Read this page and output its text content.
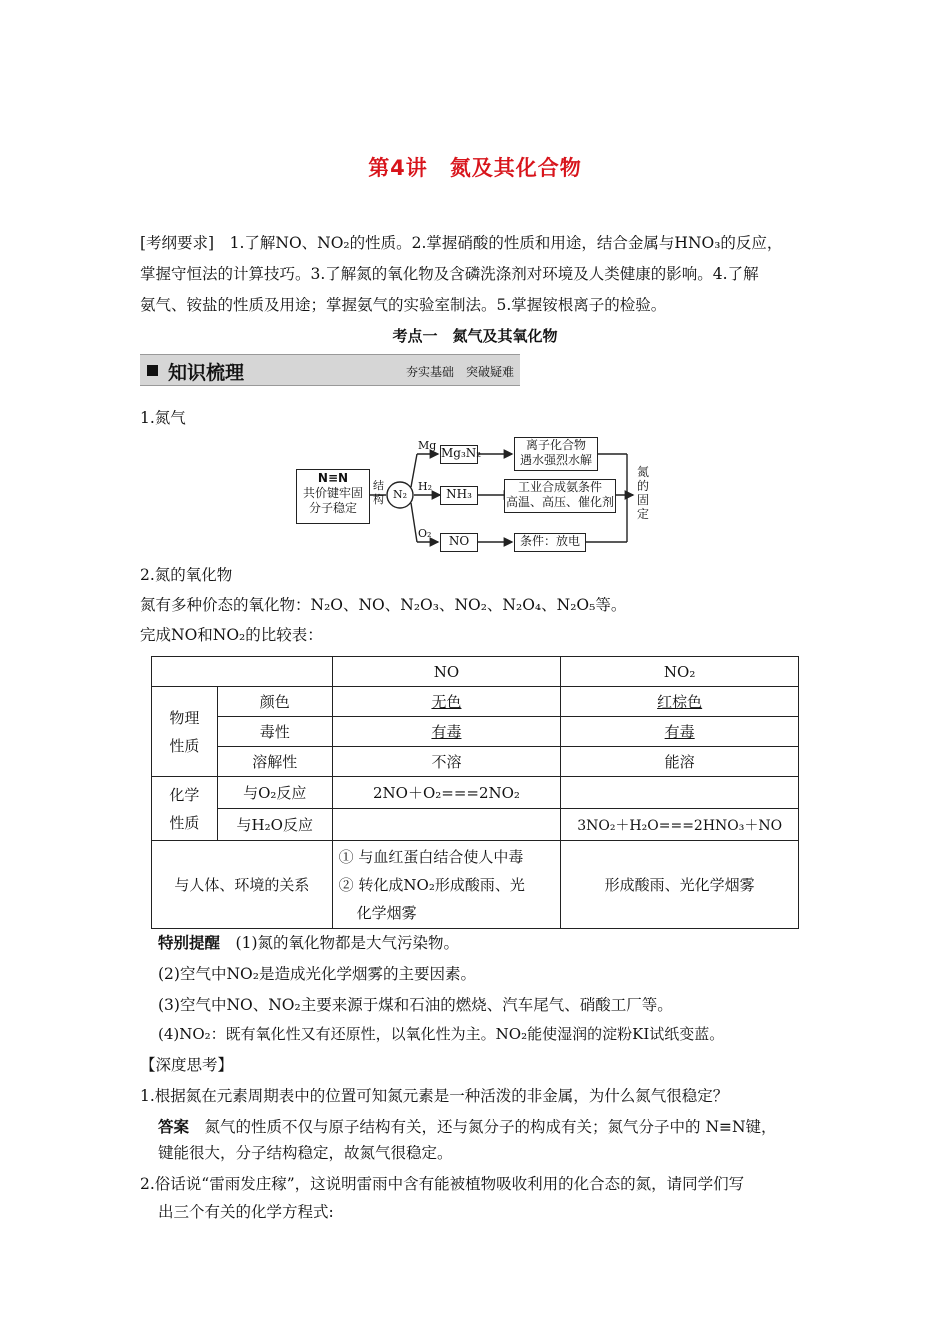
第4讲　氮及其化合物
[考纲要求]　1.了解NO、NO₂的性质。2.掌握硝酸的性质和用途，结合金属与HNO₃的反应，
掌握守恒法的计算技巧。3.了解氮的氧化物及含磷洗涤剂对环境及人类健康的影响。4.了解
氨气、铵盐的性质及用途；掌握氨气的实验室制法。5.掌握铵根离子的检验。
考点一　氮气及其氧化物
知识梳理	夯实基础　突破疑难
1.氮气
N≡N
共价键牢固
分子稳定
结
构 N₂
Mg
H₂
O₂
Mg₃N₂
NH₃
NO
离子化合物
遇水强烈水解
工业合成氨条件
高温、高压、催化剂
条件：放电
氮
的
固
定
2.氮的氧化物
氮有多种价态的氧化物：N₂O、NO、N₂O₃、NO₂、N₂O₄、N₂O₅等。
完成NO和NO₂的比较表：
		NO	NO₂
物理
性质	颜色	无色	红棕色
	毒性	有毒	有毒
	溶解性	不溶	能溶
化学
性质	与O₂反应	2NO＋O₂===2NO₂	
	与H₂O反应		3NO₂＋H₂O===2HNO₃＋NO
与人体、环境的关系		① 与血红蛋白结合使人中毒
② 转化成NO₂形成酸雨、光
化学烟雾	形成酸雨、光化学烟雾
特别提醒　 (1)氮的氧化物都是大气污染物。
(2)空气中NO₂是造成光化学烟雾的主要因素。
(3)空气中NO、NO₂主要来源于煤和石油的燃烧、汽车尾气、硝酸工厂等。
(4)NO₂：既有氧化性又有还原性，以氧化性为主。NO₂能使湿润的淀粉KI试纸变蓝。
【深度思考】
1.根据氮在元素周期表中的位置可知氮元素是一种活泼的非金属，为什么氮气很稳定？
答案　氮气的性质不仅与原子结构有关，还与氮分子的构成有关；氮气分子中的 N≡N键，
键能很大，分子结构稳定，故氮气很稳定。
2.俗话说“雷雨发庄稼”，这说明雷雨中含有能被植物吸收利用的化合态的氮，请同学们写
出三个有关的化学方程式:
